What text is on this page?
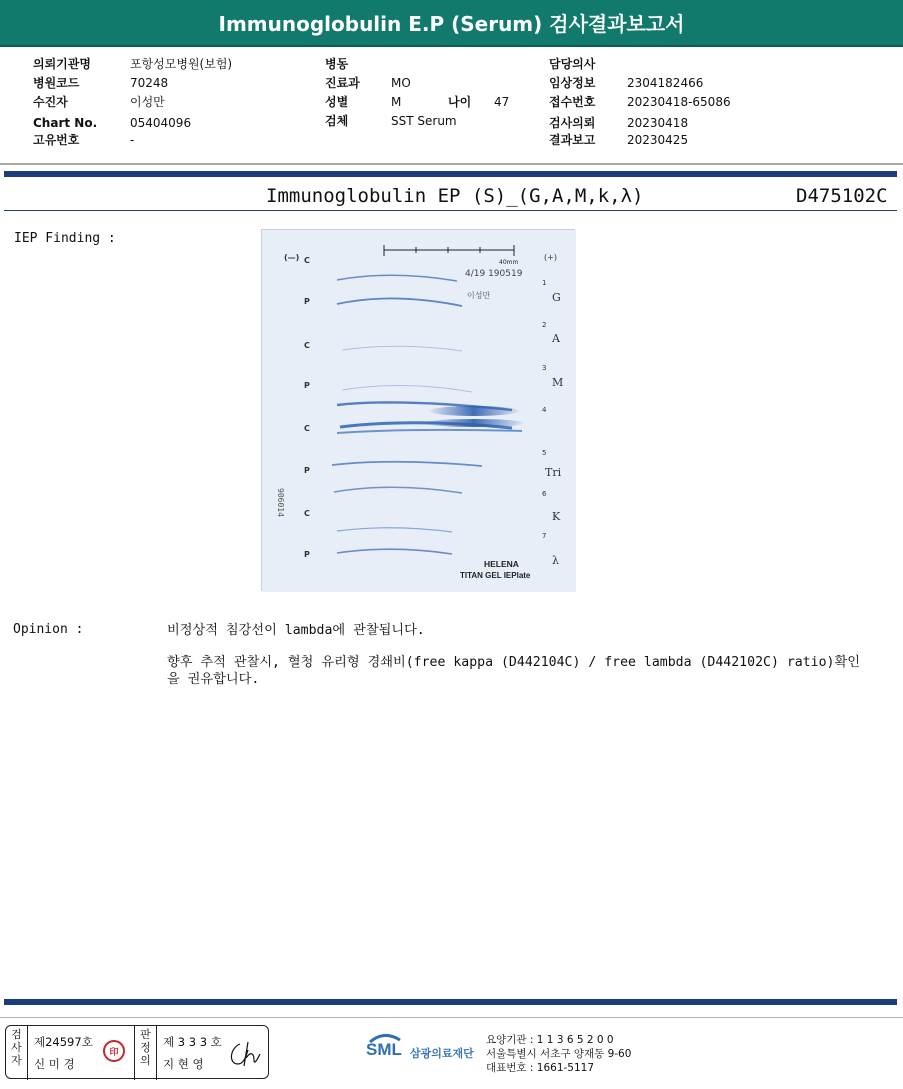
Immunoglobulin E.P (Serum) 검사결과보고서
의뢰기관명	포항성모병원(보험)
병원코드	70248
수진자	이성만
Chart No.	05404096
고유번호	-
병동
진료과	MO
성별	M	나이 47
검체	SST Serum
담당의사
임상정보	2304182466
접수번호	20230418-65086
검사의뢰	20230418
결과보고	20230425
Immunoglobulin EP (S)_(G,A,M,k,λ)	D475102C
IEP Finding :
(—) C
P
C
P
C
P
C
P
1
2
3
4
5
6
7
(+)
G
A
M
Tri
K
λ
40mm
4/19 190519
이성만
906014
HELENA
TITAN GEL IEPlate
Opinion :	비정상적 침강선이 lambda에 관찰됩니다.
향후 추적 관찰시, 혈청 유리형 경쇄비(free kappa (D442104C) / free lambda (D442102C) ratio)확인을 권유합니다.
검사자
제24597호
신 미 경
印
판정의
제 3 3 3 호
지 현 영
SML 삼광의료재단
요양기관 : 1 1 3 6 5 2 0 0
서울특별시 서초구 양재동 9-60
대표번호 : 1661-5117
